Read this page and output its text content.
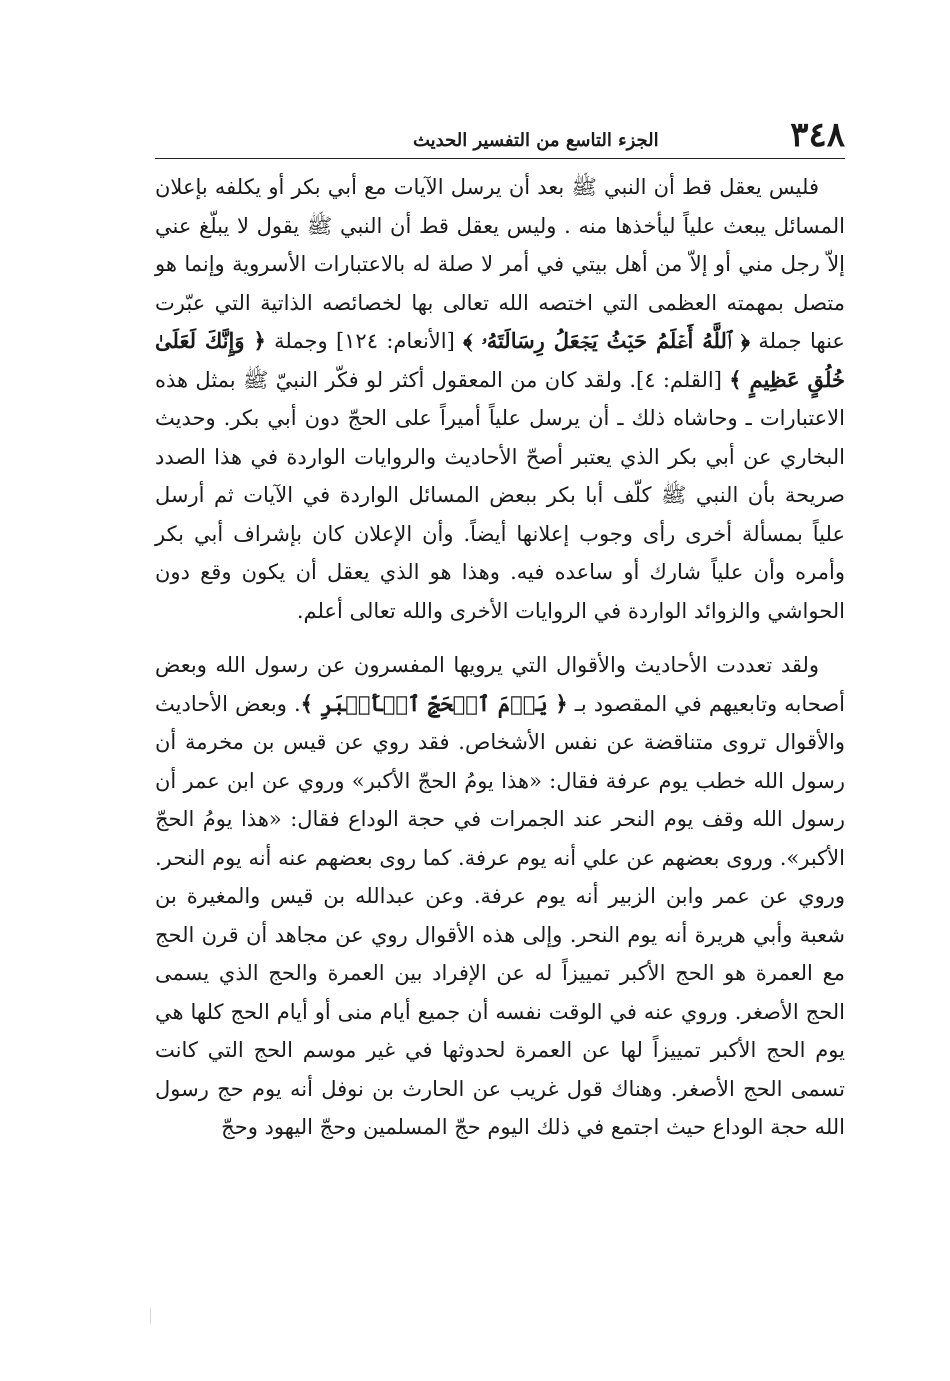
٣٤٨
الجزء التاسع من التفسير الحديث

فليس يعقل قط أن النبي ﷺ بعد أن يرسل الآيات مع أبي بكر أو يكلفه بإعلان المسائل يبعث علياً ليأخذها منه . وليس يعقل قط أن النبي ﷺ يقول لا يبلّغ عني إلاّ رجل مني أو إلاّ من أهل بيتي في أمر لا صلة له بالاعتبارات الأسروية وإنما هو متصل بمهمته العظمى التي اختصه الله تعالى بها لخصائصه الذاتية التي عبّرت عنها جملة ﴿ ٱللَّهُ أَعۡلَمُ حَيۡثُ يَجۡعَلُ رِسَالَتَهُۥ ﴾ [الأنعام: ١٢٤] وجملة ﴿ وَإِنَّكَ لَعَلَىٰ خُلُقٍ عَظِيمٍ ﴾ [القلم: ٤]. ولقد كان من المعقول أكثر لو فكّر النبيّ ﷺ بمثل هذه الاعتبارات ـ وحاشاه ذلك ـ أن يرسل علياً أميراً على الحجّ دون أبي بكر. وحديث البخاري عن أبي بكر الذي يعتبر أصحّ الأحاديث والروايات الواردة في هذا الصدد صريحة بأن النبي ﷺ كلّف أبا بكر ببعض المسائل الواردة في الآيات ثم أرسل علياً بمسألة أخرى رأى وجوب إعلانها أيضاً. وأن الإعلان كان بإشراف أبي بكر وأمره وأن علياً شارك أو ساعده فيه. وهذا هو الذي يعقل أن يكون وقع دون الحواشي والزوائد الواردة في الروايات الأخرى والله تعالى أعلم.

ولقد تعددت الأحاديث والأقوال التي يرويها المفسرون عن رسول الله وبعض أصحابه وتابعيهم في المقصود بـ ﴿ يَوۡمَ ٱلۡحَجِّ ٱلۡأَكۡبَرِ ﴾. وبعض الأحاديث والأقوال تروى متناقضة عن نفس الأشخاص. فقد روي عن قيس بن مخرمة أن رسول الله خطب يوم عرفة فقال: «هذا يومُ الحجّ الأكبر» وروي عن ابن عمر أن رسول الله وقف يوم النحر عند الجمرات في حجة الوداع فقال: «هذا يومُ الحجّ الأكبر». وروى بعضهم عن علي أنه يوم عرفة. كما روى بعضهم عنه أنه يوم النحر. وروي عن عمر وابن الزبير أنه يوم عرفة. وعن عبدالله بن قيس والمغيرة بن شعبة وأبي هريرة أنه يوم النحر. وإلى هذه الأقوال روي عن مجاهد أن قرن الحج مع العمرة هو الحج الأكبر تمييزاً له عن الإفراد بين العمرة والحج الذي يسمى الحج الأصغر. وروي عنه في الوقت نفسه أن جميع أيام منى أو أيام الحج كلها هي يوم الحج الأكبر تمييزاً لها عن العمرة لحدوثها في غير موسم الحج التي كانت تسمى الحج الأصغر. وهناك قول غريب عن الحارث بن نوفل أنه يوم حج رسول الله حجة الوداع حيث اجتمع في ذلك اليوم حجّ المسلمين وحجّ اليهود وحجّ
